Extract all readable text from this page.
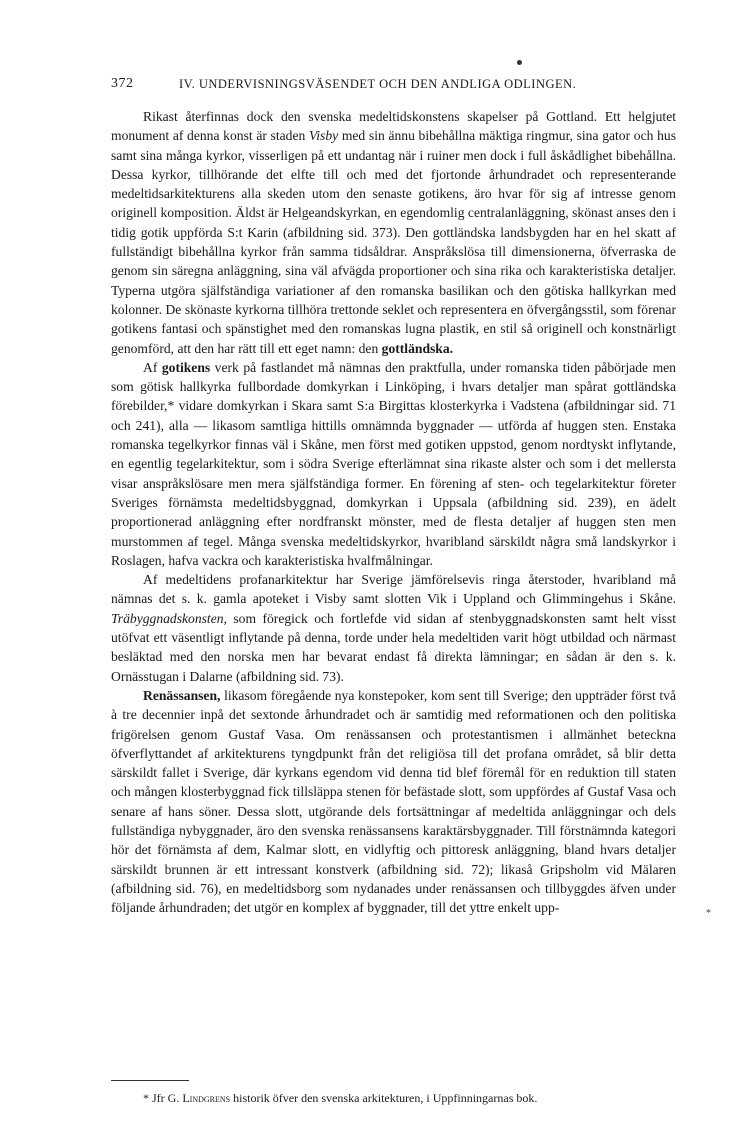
372	IV. UNDERVISNINGSVÄSENDET OCH DEN ANDLIGA ODLINGEN.

Rikast återfinnas dock den svenska medeltidskonstens skapelser på Gottland. Ett helgjutet monument af denna konst är staden Visby med sin ännu bibehållna mäktiga ringmur, sina gator och hus samt sina många kyrkor, visserligen på ett undantag när i ruiner men dock i full åskådlighet bibehållna. Dessa kyrkor, tillhörande det elfte till och med det fjortonde århundradet och representerande medeltidsarkitekturens alla skeden utom den senaste gotikens, äro hvar för sig af intresse genom originell komposition. Äldst är Helgeandskyrkan, en egendomlig centralanläggning, skönast anses den i tidig gotik uppförda S:t Karin (afbildning sid. 373). Den gottländska landsbygden har en hel skatt af fullständigt bibehållna kyrkor från samma tidsåldrar. Anspråkslösa till dimensionerna, öfverraska de genom sin säregna anläggning, sina väl afvägda proportioner och sina rika och karakteristiska detaljer. Typerna utgöra själfständiga variationer af den romanska basilikan och den götiska hallkyrkan med kolonner. De skönaste kyrkorna tillhöra trettonde seklet och representera en öfvergångsstil, som förenar gotikens fantasi och spänstighet med den romanskas lugna plastik, en stil så originell och konstnärligt genomförd, att den har rätt till ett eget namn: den gottländska.

Af gotikens verk på fastlandet må nämnas den praktfulla, under romanska tiden påbörjade men som götisk hallkyrka fullbordade domkyrkan i Linköping, i hvars detaljer man spårat gottländska förebilder,* vidare domkyrkan i Skara samt S:a Birgittas klosterkyrka i Vadstena (afbildningar sid. 71 och 241), alla — likasom samtliga hittills omnämnda byggnader — utförda af huggen sten. Enstaka romanska tegelkyrkor finnas väl i Skåne, men först med gotiken uppstod, genom nordtyskt inflytande, en egentlig tegelarkitektur, som i södra Sverige efterlämnat sina rikaste alster och som i det mellersta visar anspråkslösare men mera själfständiga former. En förening af sten- och tegelarkitektur företer Sveriges förnämsta medeltidsbyggnad, domkyrkan i Uppsala (afbildning sid. 239), en ädelt proportionerad anläggning efter nordfranskt mönster, med de flesta detaljer af huggen sten men murstommen af tegel. Många svenska medeltidskyrkor, hvaribland särskildt några små landskyrkor i Roslagen, hafva vackra och karakteristiska hvalfmålningar.

Af medeltidens profanarkitektur har Sverige jämförelsevis ringa återstoder, hvaribland må nämnas det s. k. gamla apoteket i Visby samt slotten Vik i Uppland och Glimmingehus i Skåne. Träbyggnadskonsten, som föregick och fortlefde vid sidan af stenbyggnadskonsten samt helt visst utöfvat ett väsentligt inflytande på denna, torde under hela medeltiden varit högt utbildad och närmast besläktad med den norska men har bevarat endast få direkta lämningar; en sådan är den s. k. Ornässtugan i Dalarne (afbildning sid. 73).

Renässansen, likasom föregående nya konstepoker, kom sent till Sverige; den uppträder först två à tre decennier inpå det sextonde århundradet och är samtidig med reformationen och den politiska frigörelsen genom Gustaf Vasa. Om renässansen och protestantismen i allmänhet beteckna öfverflyttandet af arkitekturens tyngdpunkt från det religiösa till det profana området, så blir detta särskildt fallet i Sverige, där kyrkans egendom vid denna tid blef föremål för en reduktion till staten och mången klosterbyggnad fick tillsläppa stenen för befästade slott, som uppfördes af Gustaf Vasa och senare af hans söner. Dessa slott, utgörande dels fortsättningar af medeltida anläggningar och dels fullständiga nybyggnader, äro den svenska renässansens karaktärsbyggnader. Till förstnämnda kategori hör det förnämsta af dem, Kalmar slott, en vidlyftig och pittoresk anläggning, bland hvars detaljer särskildt brunnen är ett intressant konstverk (afbildning sid. 72); likaså Gripsholm vid Mälaren (afbildning sid. 76), en medeltidsborg som nydanades under renässansen och tillbyggdes äfven under följande århundraden; det utgör en komplex af byggnader, till det yttre enkelt upp-	*
* Jfr G. Lindgrens historik öfver den svenska arkitekturen, i Uppfinningarnas bok.
